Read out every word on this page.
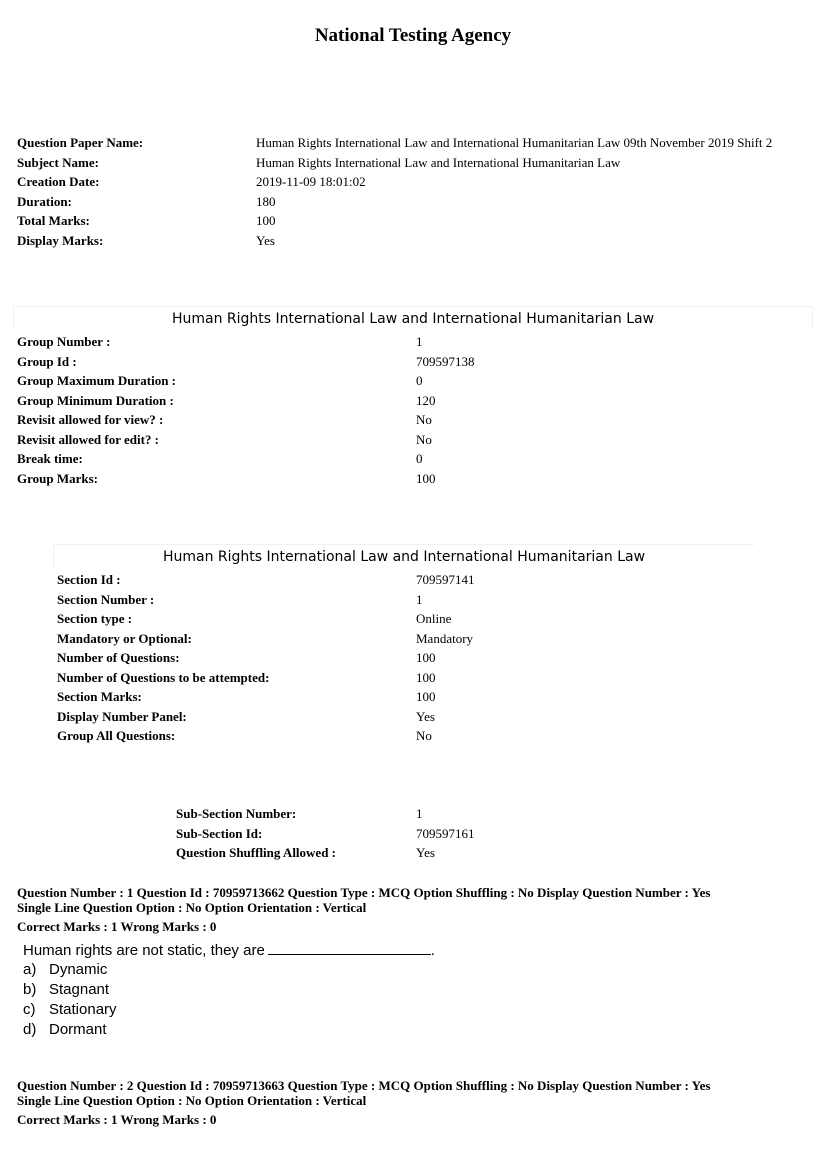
National Testing Agency
Question Paper Name:	Human Rights International Law and International Humanitarian Law 09th November 2019 Shift 2
Subject Name:	Human Rights International Law and International Humanitarian Law
Creation Date:	2019-11-09 18:01:02
Duration:	180
Total Marks:	100
Display Marks:	Yes
Human Rights International Law and International Humanitarian Law
Group Number :	1
Group Id :	709597138
Group Maximum Duration :	0
Group Minimum Duration :	120
Revisit allowed for view? :	No
Revisit allowed for edit? :	No
Break time:	0
Group Marks:	100
Human Rights International Law and International Humanitarian Law
Section Id :	709597141
Section Number :	1
Section type :	Online
Mandatory or Optional:	Mandatory
Number of Questions:	100
Number of Questions to be attempted:	100
Section Marks:	100
Display Number Panel:	Yes
Group All Questions:	No
Sub-Section Number:	1
Sub-Section Id:	709597161
Question Shuffling Allowed :	Yes
Question Number : 1 Question Id : 70959713662 Question Type : MCQ Option Shuffling : No Display Question Number : Yes
Single Line Question Option : No Option Orientation : Vertical
Correct Marks : 1 Wrong Marks : 0
Human rights are not static, they are	.
a) Dynamic
b) Stagnant
c) Stationary
d) Dormant
Question Number : 2 Question Id : 70959713663 Question Type : MCQ Option Shuffling : No Display Question Number : Yes
Single Line Question Option : No Option Orientation : Vertical
Correct Marks : 1 Wrong Marks : 0
